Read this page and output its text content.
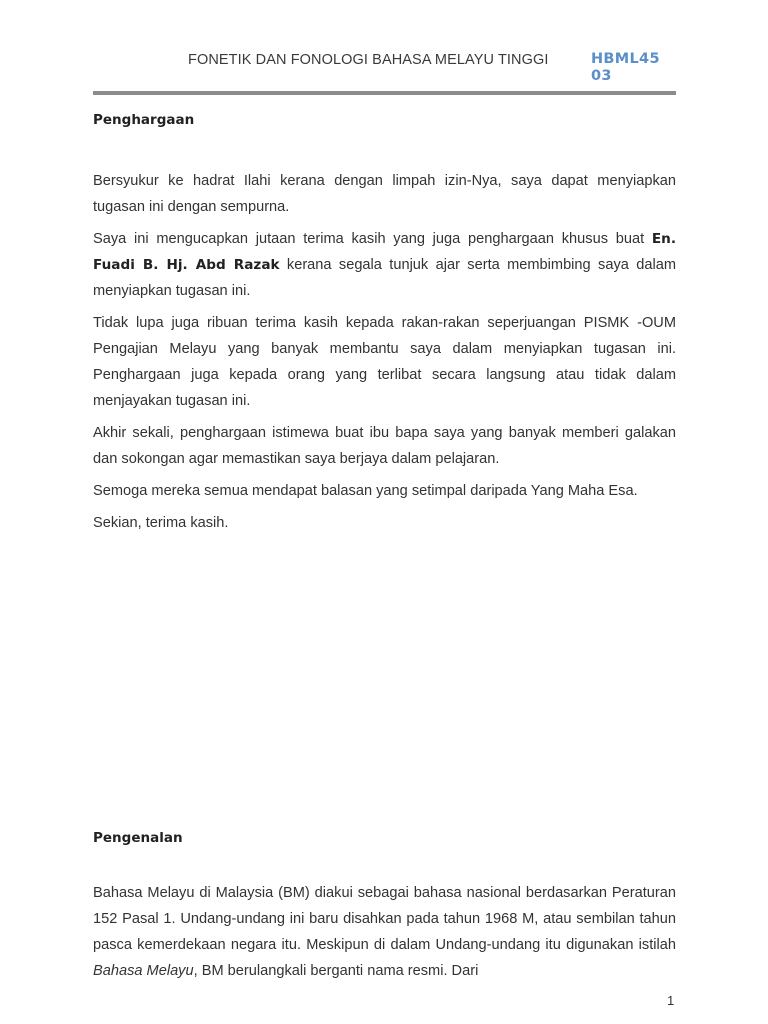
FONETIK DAN FONOLOGI BAHASA MELAYU TINGGI	HBML4503
Penghargaan

Bersyukur ke hadrat Ilahi kerana dengan limpah izin-Nya, saya dapat menyiapkan tugasan ini dengan sempurna.

Saya ini mengucapkan jutaan terima kasih yang juga penghargaan khusus buat En. Fuadi B. Hj. Abd Razak kerana segala tunjuk ajar serta membimbing saya dalam menyiapkan tugasan ini.

Tidak lupa juga ribuan terima kasih kepada rakan-rakan seperjuangan PISMK -OUM Pengajian Melayu yang banyak membantu saya dalam menyiapkan tugasan ini. Penghargaan juga kepada orang yang terlibat secara langsung atau tidak dalam menjayakan tugasan ini.

Akhir sekali, penghargaan istimewa buat ibu bapa saya yang banyak memberi galakan dan sokongan agar memastikan saya berjaya dalam pelajaran.

Semoga mereka semua mendapat balasan yang setimpal daripada Yang Maha Esa.

Sekian, terima kasih.

Pengenalan

Bahasa Melayu di Malaysia (BM) diakui sebagai bahasa nasional berdasarkan Peraturan 152 Pasal 1. Undang-undang ini baru disahkan pada tahun 1968 M, atau sembilan tahun pasca kemerdekaan negara itu. Meskipun di dalam Undang-undang itu digunakan istilah Bahasa Melayu, BM berulangkali berganti nama resmi. Dari

1
